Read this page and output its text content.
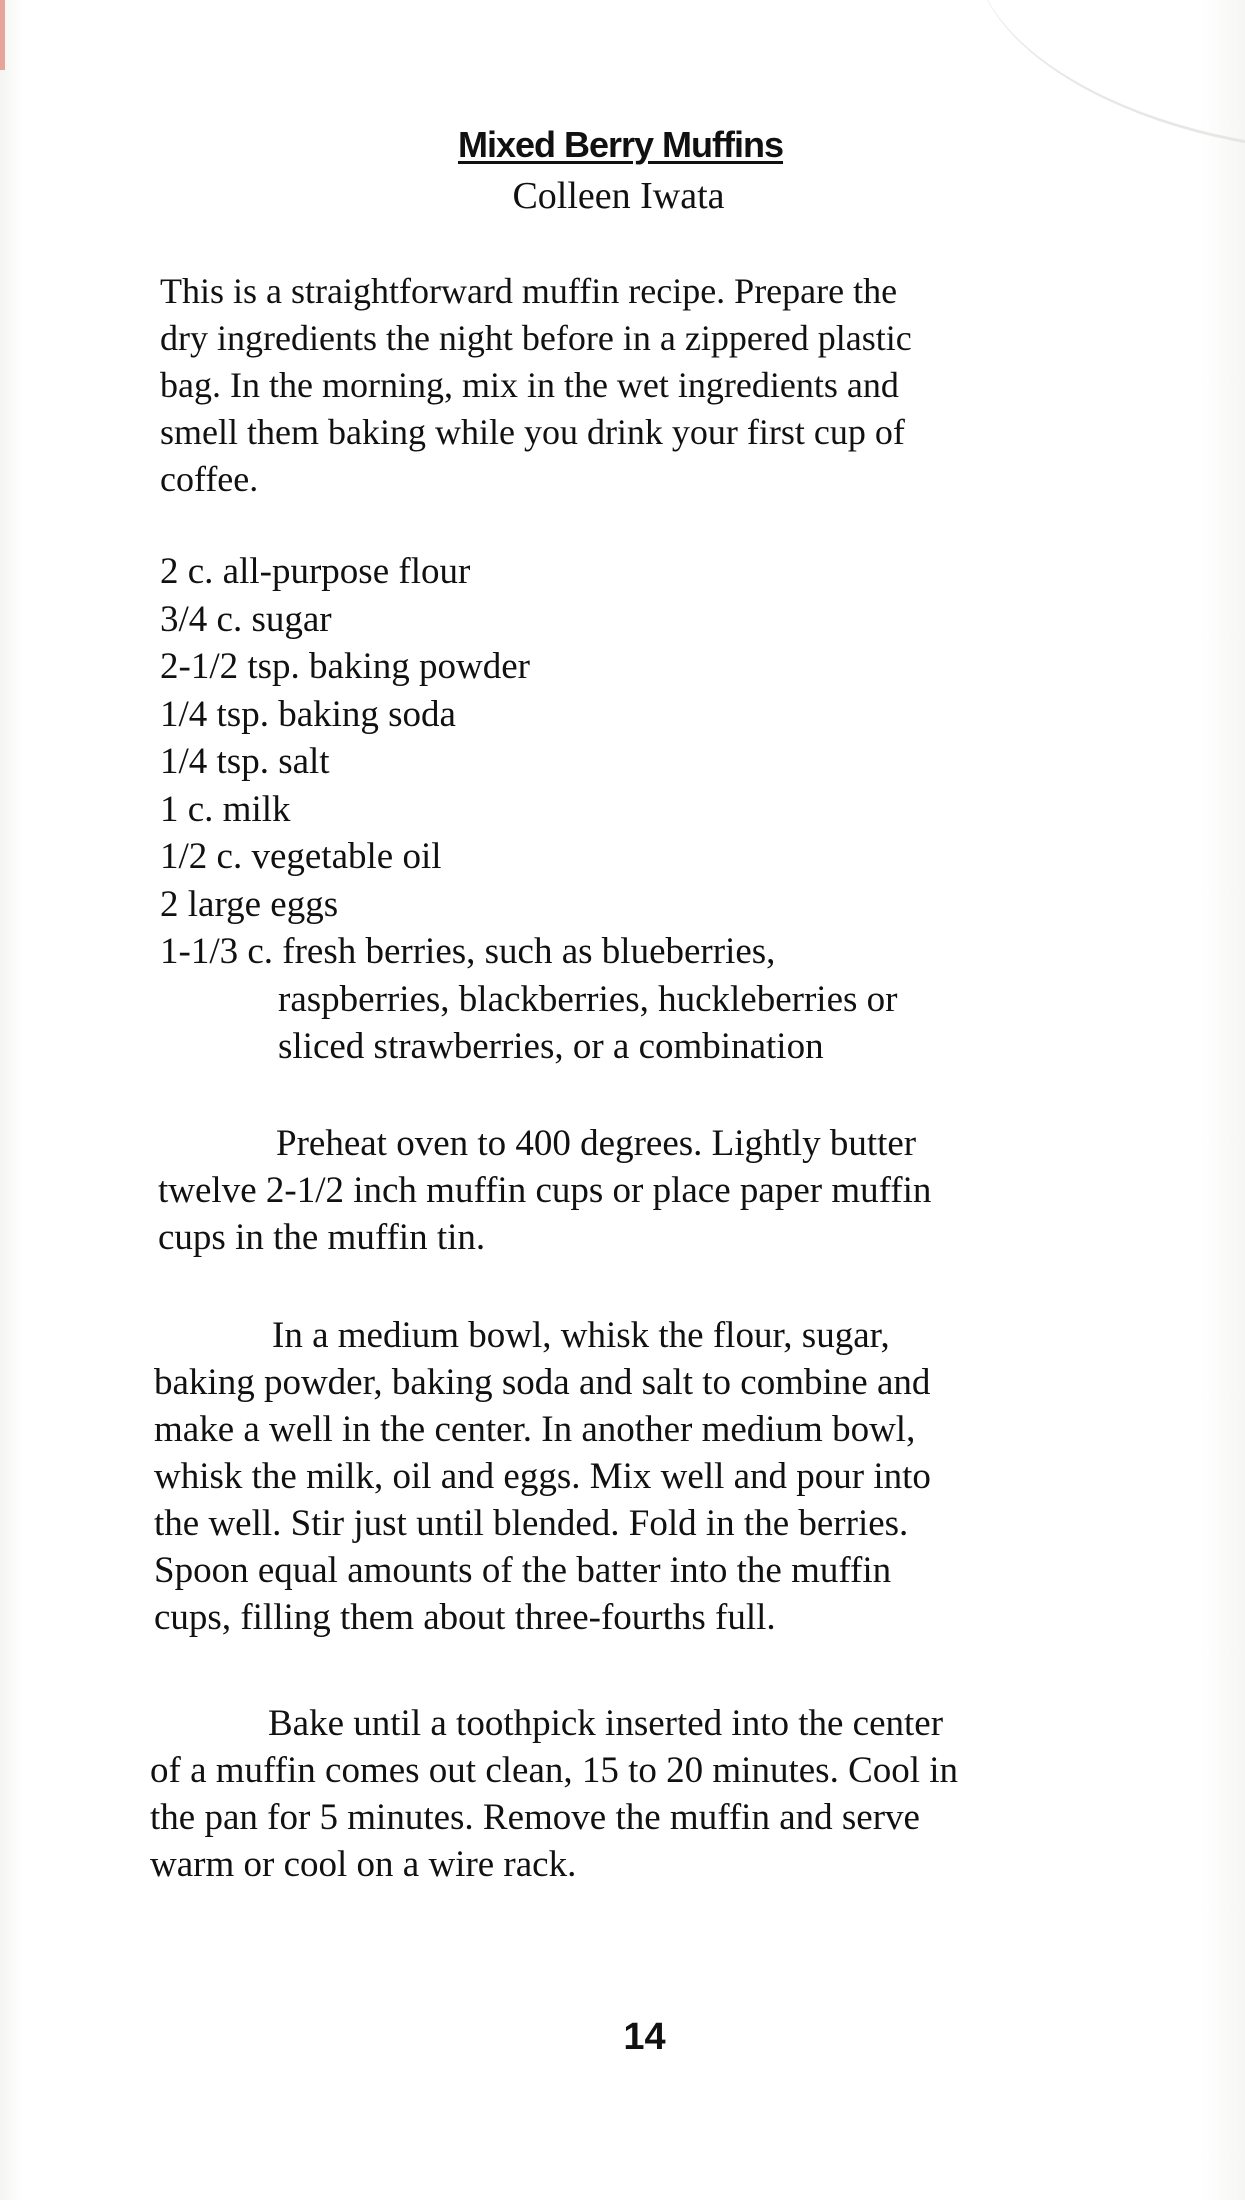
Mixed Berry Muffins
Colleen Iwata
This is a straightforward muffin recipe. Prepare the
dry ingredients the night before in a zippered plastic
bag. In the morning, mix in the wet ingredients and
smell them baking while you drink your first cup of
coffee.
2 c. all-purpose flour
3/4 c. sugar
2-1/2 tsp. baking powder
1/4 tsp. baking soda
1/4 tsp. salt
1 c. milk
1/2 c. vegetable oil
2 large eggs
1-1/3 c. fresh berries, such as blueberries,
raspberries, blackberries, huckleberries or
sliced strawberries, or a combination
Preheat oven to 400 degrees. Lightly butter
twelve 2-1/2 inch muffin cups or place paper muffin
cups in the muffin tin.
In a medium bowl, whisk the flour, sugar,
baking powder, baking soda and salt to combine and
make a well in the center. In another medium bowl,
whisk the milk, oil and eggs. Mix well and pour into
the well. Stir just until blended. Fold in the berries.
Spoon equal amounts of the batter into the muffin
cups, filling them about three-fourths full.
Bake until a toothpick inserted into the center
of a muffin comes out clean, 15 to 20 minutes. Cool in
the pan for 5 minutes. Remove the muffin and serve
warm or cool on a wire rack.
14
